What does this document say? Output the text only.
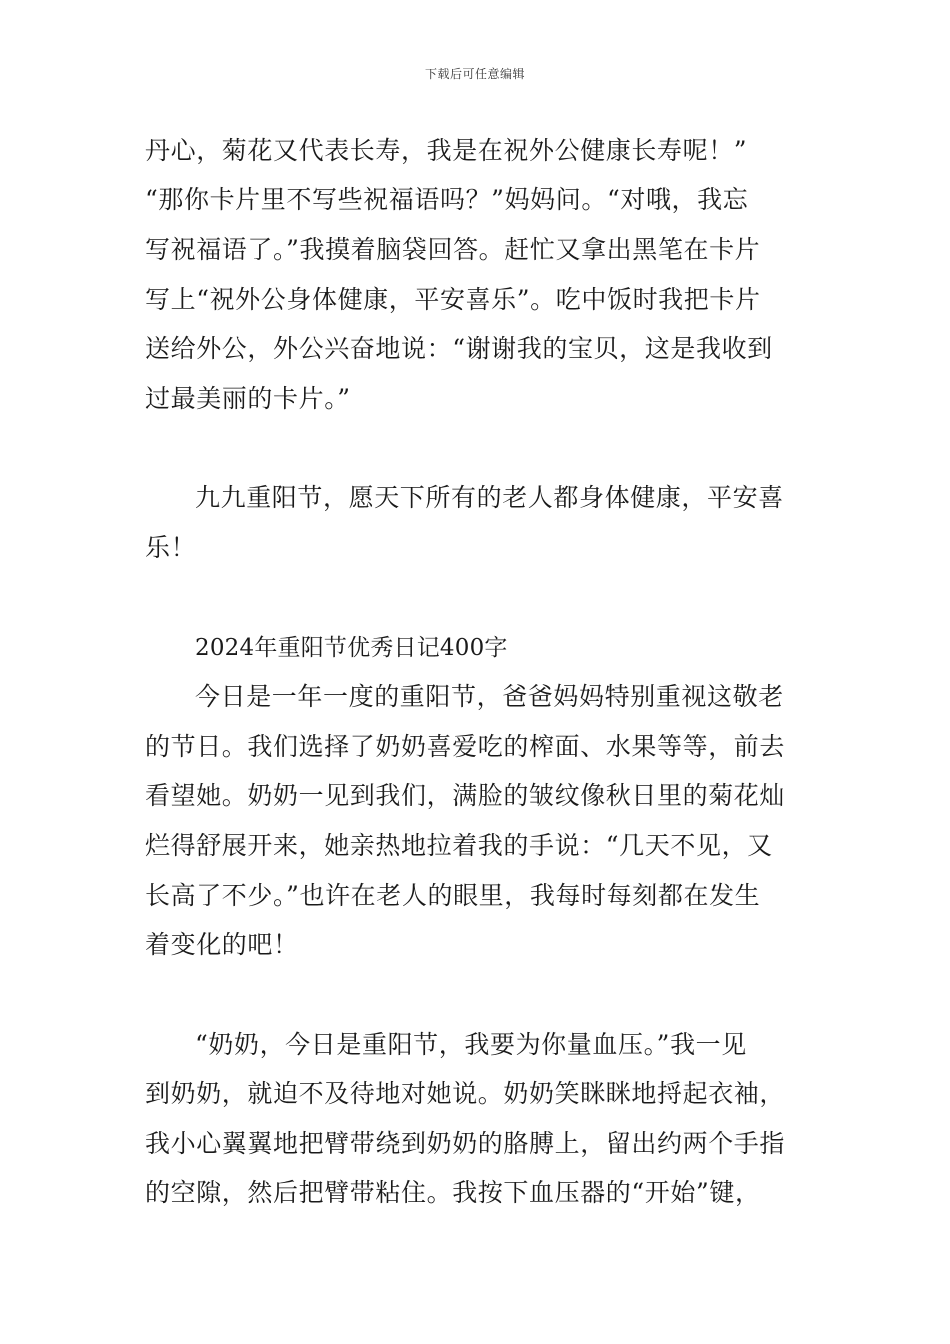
下载后可任意编辑
丹心，菊花又代表长寿，我是在祝外公健康长寿呢！”
“那你卡片里不写些祝福语吗？”妈妈问。“对哦，我忘
写祝福语了。”我摸着脑袋回答。赶忙又拿出黑笔在卡片
写上“祝外公身体健康，平安喜乐”。吃中饭时我把卡片
送给外公，外公兴奋地说：“谢谢我的宝贝，这是我收到
过最美丽的卡片。”
九九重阳节，愿天下所有的老人都身体健康，平安喜
乐！
2024年重阳节优秀日记400字
今日是一年一度的重阳节，爸爸妈妈特别重视这敬老
的节日。我们选择了奶奶喜爱吃的榨面、水果等等，前去
看望她。奶奶一见到我们，满脸的皱纹像秋日里的菊花灿
烂得舒展开来，她亲热地拉着我的手说：“几天不见，又
长高了不少。”也许在老人的眼里，我每时每刻都在发生
着变化的吧！
“奶奶，今日是重阳节，我要为你量血压。”我一见
到奶奶，就迫不及待地对她说。奶奶笑眯眯地捋起衣袖，
我小心翼翼地把臂带绕到奶奶的胳膊上，留出约两个手指
的空隙，然后把臂带粘住。我按下血压器的“开始”键，
